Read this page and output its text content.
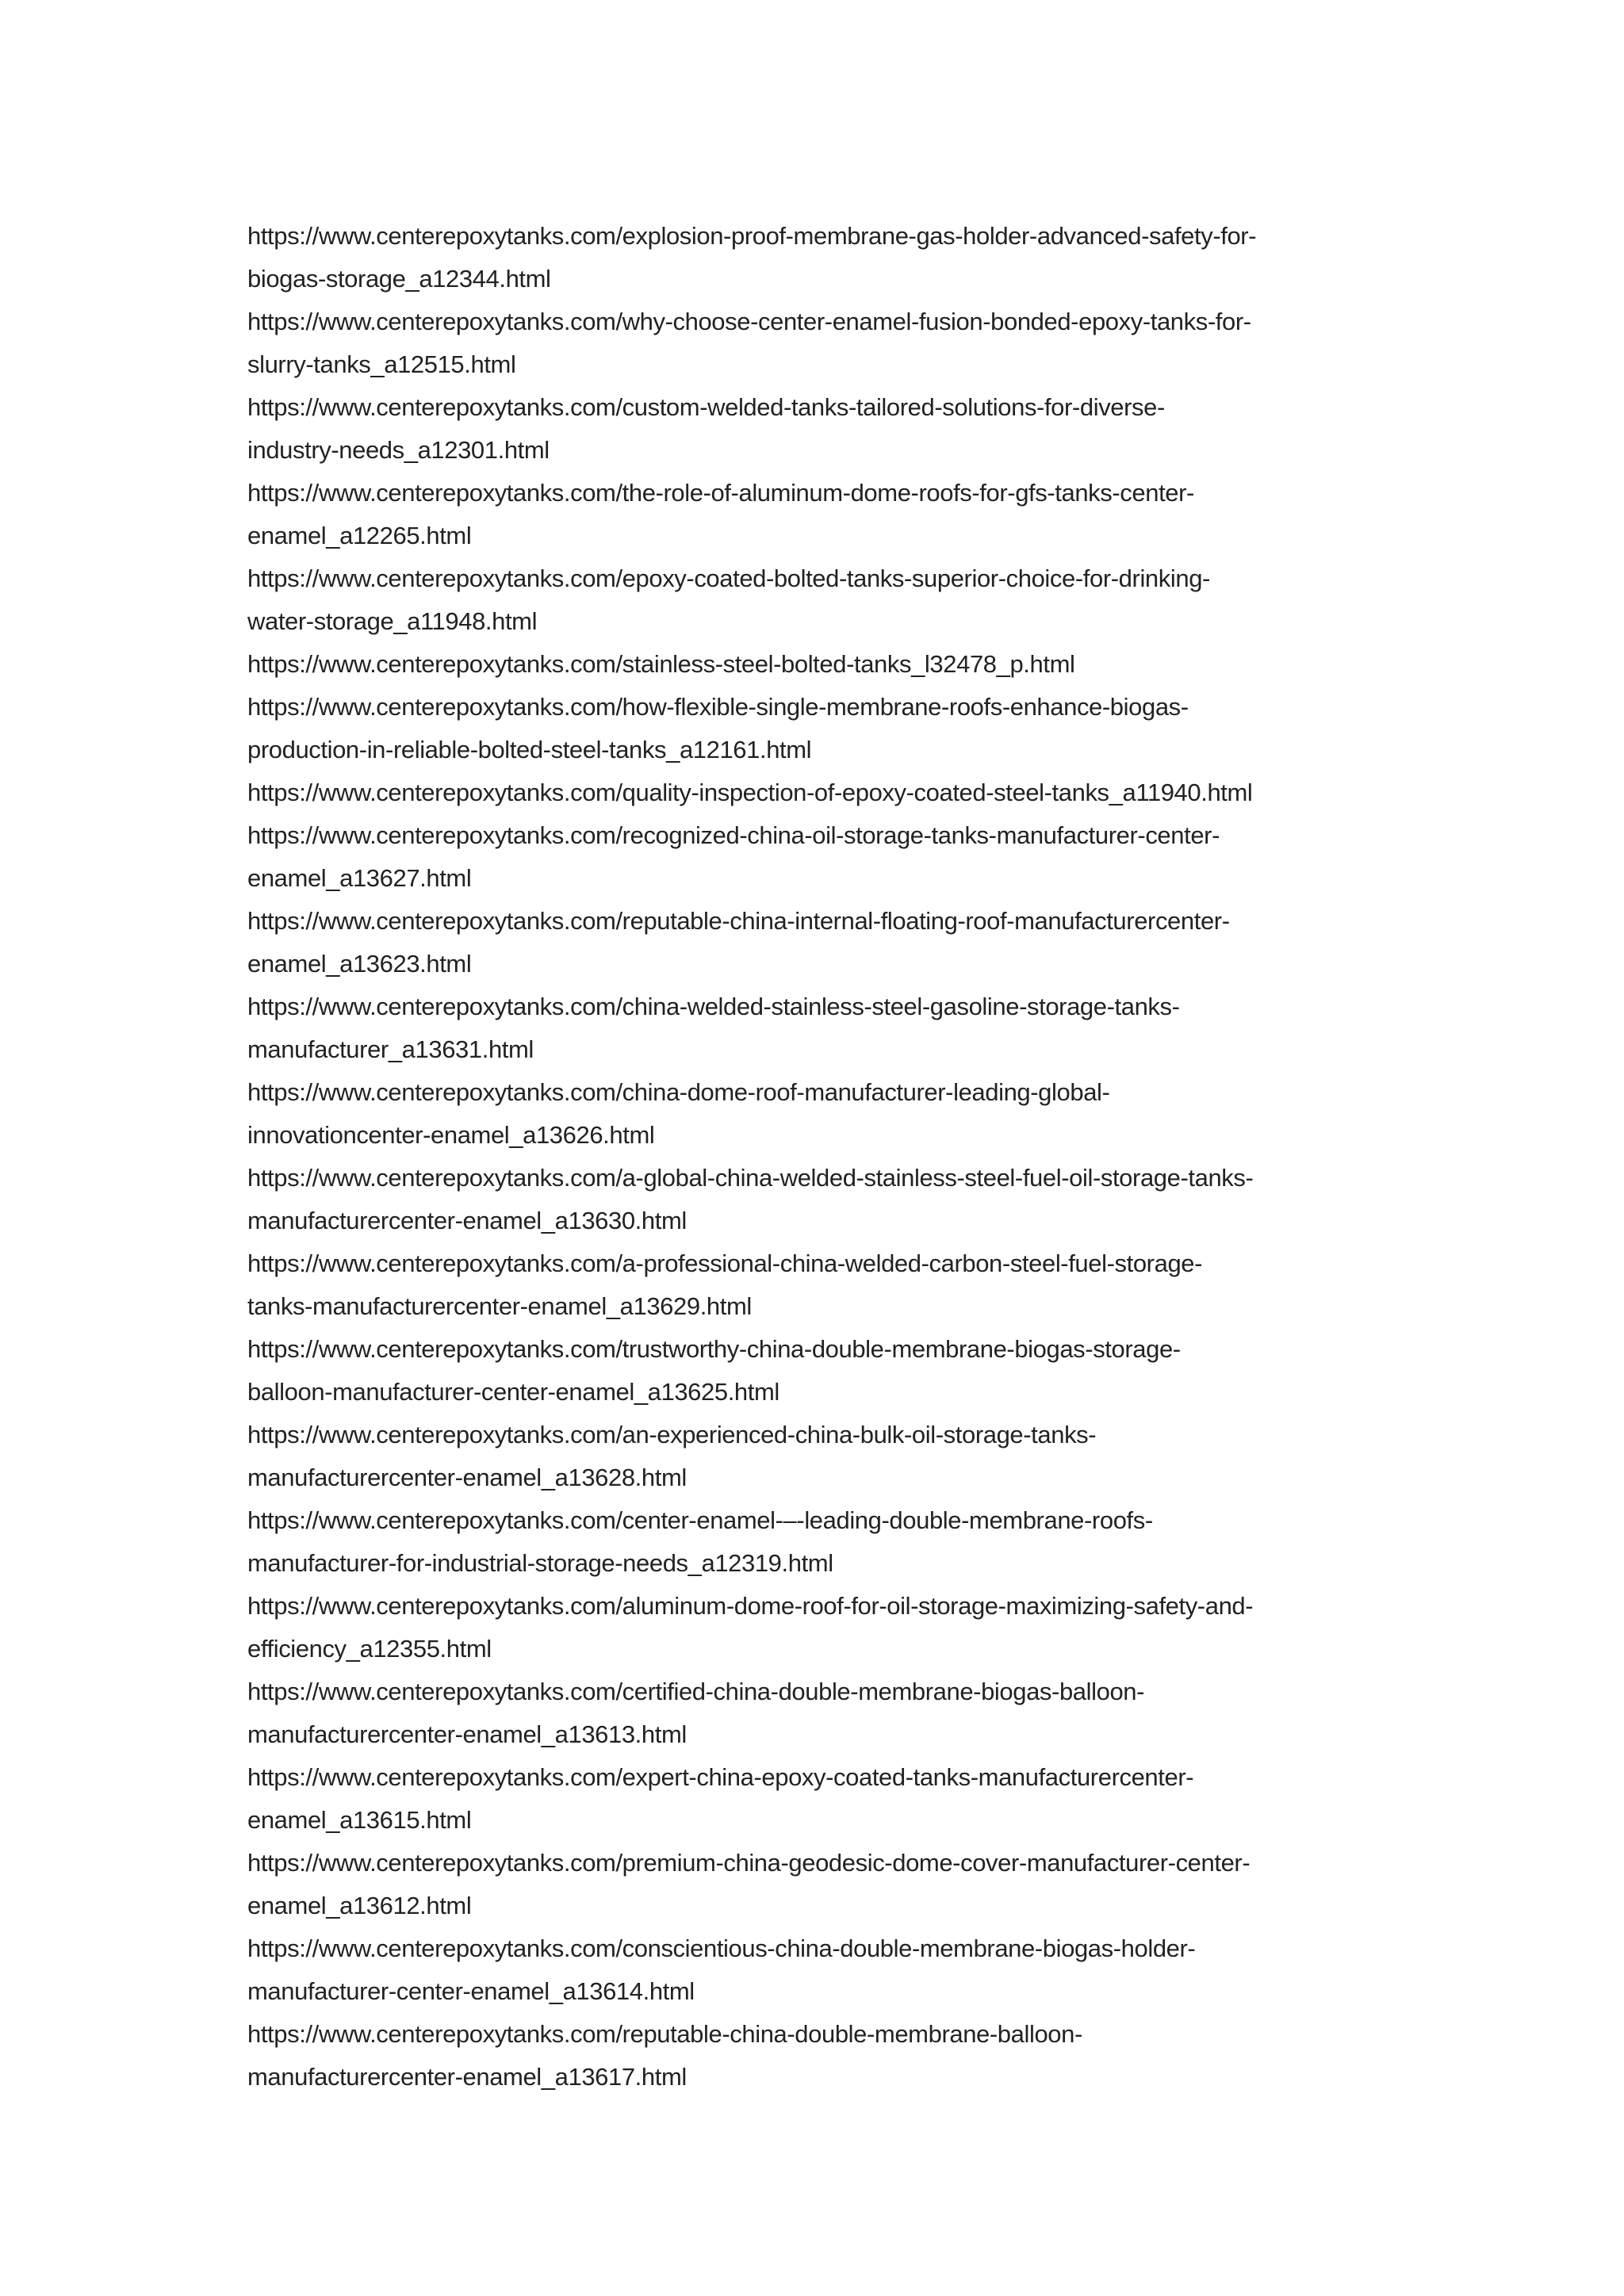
https://www.centerepoxytanks.com/explosion-proof-membrane-gas-holder-advanced-safety-for-
biogas-storage_a12344.html
https://www.centerepoxytanks.com/why-choose-center-enamel-fusion-bonded-epoxy-tanks-for-
slurry-tanks_a12515.html
https://www.centerepoxytanks.com/custom-welded-tanks-tailored-solutions-for-diverse-
industry-needs_a12301.html
https://www.centerepoxytanks.com/the-role-of-aluminum-dome-roofs-for-gfs-tanks-center-
enamel_a12265.html
https://www.centerepoxytanks.com/epoxy-coated-bolted-tanks-superior-choice-for-drinking-
water-storage_a11948.html
https://www.centerepoxytanks.com/stainless-steel-bolted-tanks_l32478_p.html
https://www.centerepoxytanks.com/how-flexible-single-membrane-roofs-enhance-biogas-
production-in-reliable-bolted-steel-tanks_a12161.html
https://www.centerepoxytanks.com/quality-inspection-of-epoxy-coated-steel-tanks_a11940.html
https://www.centerepoxytanks.com/recognized-china-oil-storage-tanks-manufacturer-center-
enamel_a13627.html
https://www.centerepoxytanks.com/reputable-china-internal-floating-roof-manufacturercenter-
enamel_a13623.html
https://www.centerepoxytanks.com/china-welded-stainless-steel-gasoline-storage-tanks-
manufacturer_a13631.html
https://www.centerepoxytanks.com/china-dome-roof-manufacturer-leading-global-
innovationcenter-enamel_a13626.html
https://www.centerepoxytanks.com/a-global-china-welded-stainless-steel-fuel-oil-storage-tanks-
manufacturercenter-enamel_a13630.html
https://www.centerepoxytanks.com/a-professional-china-welded-carbon-steel-fuel-storage-
tanks-manufacturercenter-enamel_a13629.html
https://www.centerepoxytanks.com/trustworthy-china-double-membrane-biogas-storage-
balloon-manufacturer-center-enamel_a13625.html
https://www.centerepoxytanks.com/an-experienced-china-bulk-oil-storage-tanks-
manufacturercenter-enamel_a13628.html
https://www.centerepoxytanks.com/center-enamel-–-leading-double-membrane-roofs-
manufacturer-for-industrial-storage-needs_a12319.html
https://www.centerepoxytanks.com/aluminum-dome-roof-for-oil-storage-maximizing-safety-and-
efficiency_a12355.html
https://www.centerepoxytanks.com/certified-china-double-membrane-biogas-balloon-
manufacturercenter-enamel_a13613.html
https://www.centerepoxytanks.com/expert-china-epoxy-coated-tanks-manufacturercenter-
enamel_a13615.html
https://www.centerepoxytanks.com/premium-china-geodesic-dome-cover-manufacturer-center-
enamel_a13612.html
https://www.centerepoxytanks.com/conscientious-china-double-membrane-biogas-holder-
manufacturer-center-enamel_a13614.html
https://www.centerepoxytanks.com/reputable-china-double-membrane-balloon-
manufacturercenter-enamel_a13617.html
